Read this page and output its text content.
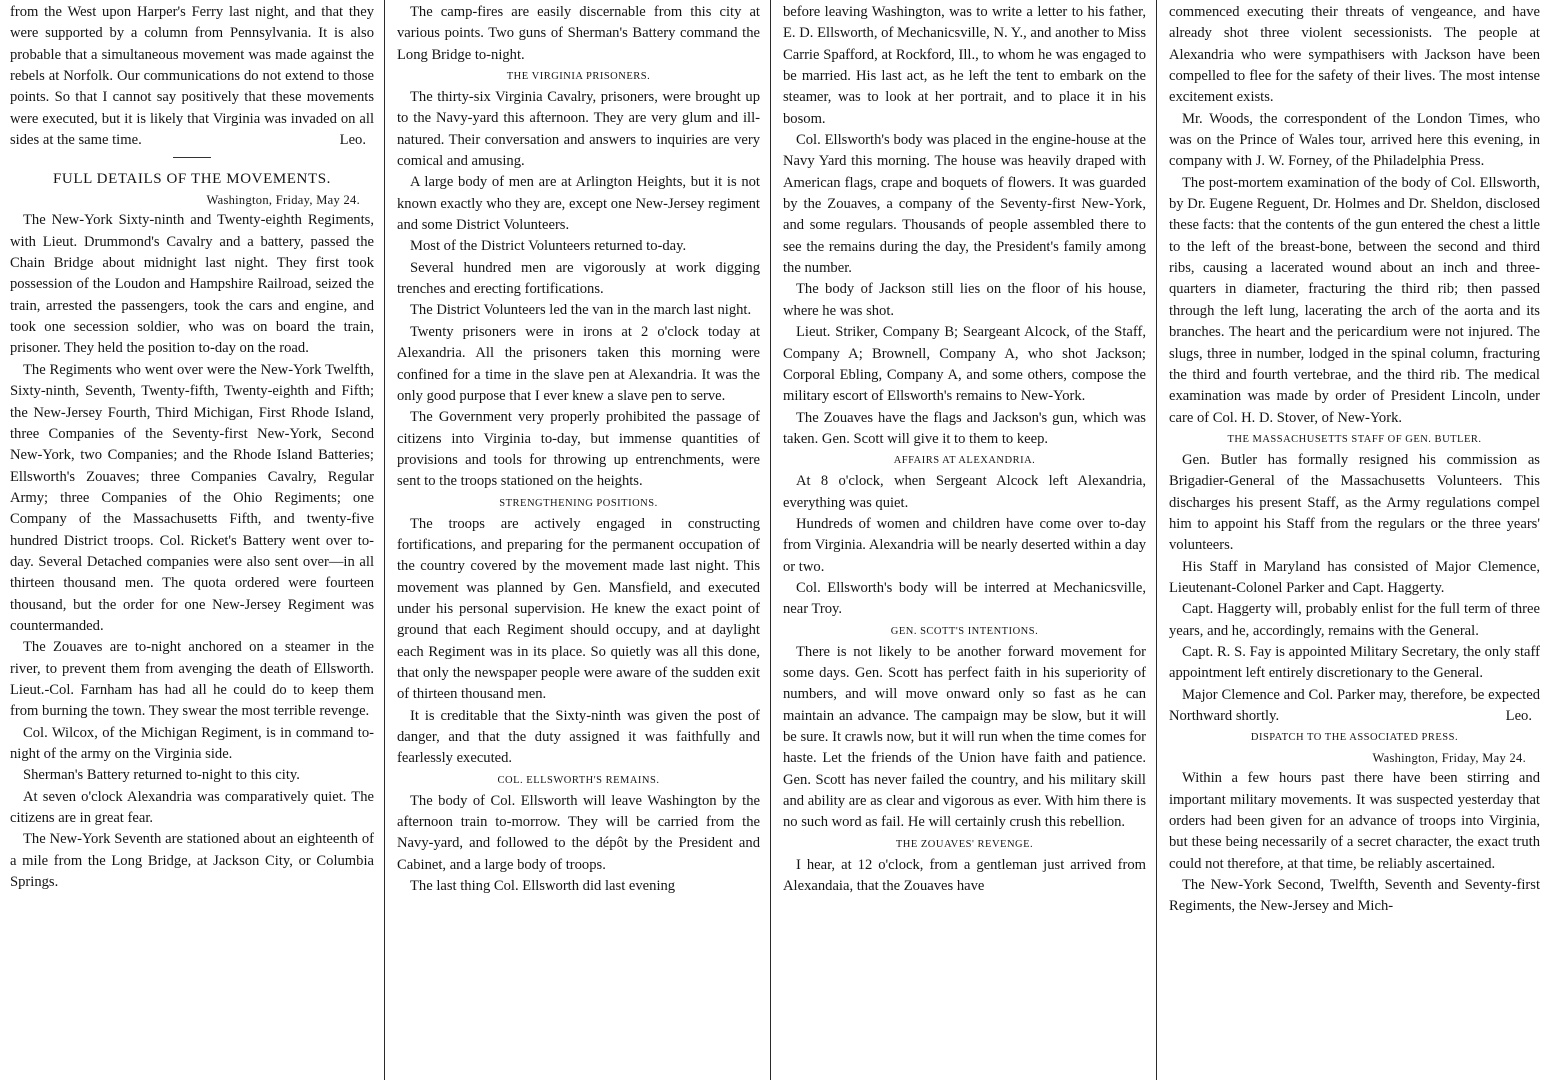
from the West upon Harper's Ferry last night, and that they were supported by a column from Pennsylvania. It is also probable that a simultaneous movement was made against the rebels at Norfolk. Our communications do not extend to those points. So that I cannot say positively that these movements were executed, but it is likely that Virginia was invaded on all sides at the same time.	Leo.

FULL DETAILS OF THE MOVEMENTS.

Washington, Friday, May 24.

The New-York Sixty-ninth and Twenty-eighth Regiments, with Lieut. Drummond's Cavalry and a battery, passed the Chain Bridge about midnight last night. They first took possession of the Loudon and Hampshire Railroad, seized the train, arrested the passengers, took the cars and engine, and took one secession soldier, who was on board the train, prisoner. They held the position to-day on the road.

The Regiments who went over were the New-York Twelfth, Sixty-ninth, Seventh, Twenty-fifth, Twenty-eighth and Fifth; the New-Jersey Fourth, Third Michigan, First Rhode Island, three Companies of the Seventy-first New-York, Second New-York, two Companies; and the Rhode Island Batteries; Ellsworth's Zouaves; three Companies Cavalry, Regular Army; three Companies of the Ohio Regiments; one Company of the Massachusetts Fifth, and twenty-five hundred District troops. Col. Ricket's Battery went over to-day. Several Detached companies were also sent over—in all thirteen thousand men. The quota ordered were fourteen thousand, but the order for one New-Jersey Regiment was countermanded.

The Zouaves are to-night anchored on a steamer in the river, to prevent them from avenging the death of Ellsworth. Lieut.-Col. Farnham has had all he could do to keep them from burning the town. They swear the most terrible revenge.

Col. Wilcox, of the Michigan Regiment, is in command to-night of the army on the Virginia side.

Sherman's Battery returned to-night to this city.

At seven o'clock Alexandria was comparatively quiet. The citizens are in great fear.

The New-York Seventh are stationed about an eighteenth of a mile from the Long Bridge, at Jackson City, or Columbia Springs.

The camp-fires are easily discernable from this city at various points. Two guns of Sherman's Battery command the Long Bridge to-night.

THE VIRGINIA PRISONERS.

The thirty-six Virginia Cavalry, prisoners, were brought up to the Navy-yard this afternoon. They are very glum and ill-natured. Their conversation and answers to inquiries are very comical and amusing.

A large body of men are at Arlington Heights, but it is not known exactly who they are, except one New-Jersey regiment and some District Volunteers.

Most of the District Volunteers returned to-day.

Several hundred men are vigorously at work digging trenches and erecting fortifications.

The District Volunteers led the van in the march last night.

Twenty prisoners were in irons at 2 o'clock today at Alexandria. All the prisoners taken this morning were confined for a time in the slave pen at Alexandria. It was the only good purpose that I ever knew a slave pen to serve.

The Government very properly prohibited the passage of citizens into Virginia to-day, but immense quantities of provisions and tools for throwing up entrenchments, were sent to the troops stationed on the heights.

STRENGTHENING POSITIONS.

The troops are actively engaged in constructing fortifications, and preparing for the permanent occupation of the country covered by the movement made last night. This movement was planned by Gen. Mansfield, and executed under his personal supervision. He knew the exact point of ground that each Regiment should occupy, and at daylight each Regiment was in its place. So quietly was all this done, that only the newspaper people were aware of the sudden exit of thirteen thousand men.

It is creditable that the Sixty-ninth was given the post of danger, and that the duty assigned it was faithfully and fearlessly executed.

COL. ELLSWORTH'S REMAINS.

The body of Col. Ellsworth will leave Washington by the afternoon train to-morrow. They will be carried from the Navy-yard, and followed to the dépôt by the President and Cabinet, and a large body of troops.

The last thing Col. Ellsworth did last evening

before leaving Washington, was to write a letter to his father, E. D. Ellsworth, of Mechanicsville, N. Y., and another to Miss Carrie Spafford, at Rockford, Ill., to whom he was engaged to be married. His last act, as he left the tent to embark on the steamer, was to look at her portrait, and to place it in his bosom.

Col. Ellsworth's body was placed in the engine-house at the Navy Yard this morning. The house was heavily draped with American flags, crape and boquets of flowers. It was guarded by the Zouaves, a company of the Seventy-first New-York, and some regulars. Thousands of people assembled there to see the remains during the day, the President's family among the number.

The body of Jackson still lies on the floor of his house, where he was shot.

Lieut. Striker, Company B; Seargeant Alcock, of the Staff, Company A; Brownell, Company A, who shot Jackson; Corporal Ebling, Company A, and some others, compose the military escort of Ellsworth's remains to New-York.

The Zouaves have the flags and Jackson's gun, which was taken. Gen. Scott will give it to them to keep.

AFFAIRS AT ALEXANDRIA.

At 8 o'clock, when Sergeant Alcock left Alexandria, everything was quiet.

Hundreds of women and children have come over to-day from Virginia. Alexandria will be nearly deserted within a day or two.

Col. Ellsworth's body will be interred at Mechanicsville, near Troy.

GEN. SCOTT'S INTENTIONS.

There is not likely to be another forward movement for some days. Gen. Scott has perfect faith in his superiority of numbers, and will move onward only so fast as he can maintain an advance. The campaign may be slow, but it will be sure. It crawls now, but it will run when the time comes for haste. Let the friends of the Union have faith and patience. Gen. Scott has never failed the country, and his military skill and ability are as clear and vigorous as ever. With him there is no such word as fail. He will certainly crush this rebellion.

THE ZOUAVES' REVENGE.

I hear, at 12 o'clock, from a gentleman just arrived from Alexandaia, that the Zouaves have

commenced executing their threats of vengeance, and have already shot three violent secessionists. The people at Alexandria who were sympathisers with Jackson have been compelled to flee for the safety of their lives. The most intense excitement exists.

Mr. Woods, the correspondent of the London Times, who was on the Prince of Wales tour, arrived here this evening, in company with J. W. Forney, of the Philadelphia Press.

The post-mortem examination of the body of Col. Ellsworth, by Dr. Eugene Reguent, Dr. Holmes and Dr. Sheldon, disclosed these facts: that the contents of the gun entered the chest a little to the left of the breast-bone, between the second and third ribs, causing a lacerated wound about an inch and three-quarters in diameter, fracturing the third rib; then passed through the left lung, lacerating the arch of the aorta and its branches. The heart and the pericardium were not injured. The slugs, three in number, lodged in the spinal column, fracturing the third and fourth vertebrae, and the third rib. The medical examination was made by order of President Lincoln, under care of Col. H. D. Stover, of New-York.

THE MASSACHUSETTS STAFF OF GEN. BUTLER.

Gen. Butler has formally resigned his commission as Brigadier-General of the Massachusetts Volunteers. This discharges his present Staff, as the Army regulations compel him to appoint his Staff from the regulars or the three years' volunteers.

His Staff in Maryland has consisted of Major Clemence, Lieutenant-Colonel Parker and Capt. Haggerty.

Capt. Haggerty will, probably enlist for the full term of three years, and he, accordingly, remains with the General.

Capt. R. S. Fay is appointed Military Secretary, the only staff appointment left entirely discretionary to the General.

Major Clemence and Col. Parker may, therefore, be expected Northward shortly.	Leo.

DISPATCH TO THE ASSOCIATED PRESS.

Washington, Friday, May 24.

Within a few hours past there have been stirring and important military movements. It was suspected yesterday that orders had been given for an advance of troops into Virginia, but these being necessarily of a secret character, the exact truth could not therefore, at that time, be reliably ascertained.

The New-York Second, Twelfth, Seventh and Seventy-first Regiments, the New-Jersey and Mich-
